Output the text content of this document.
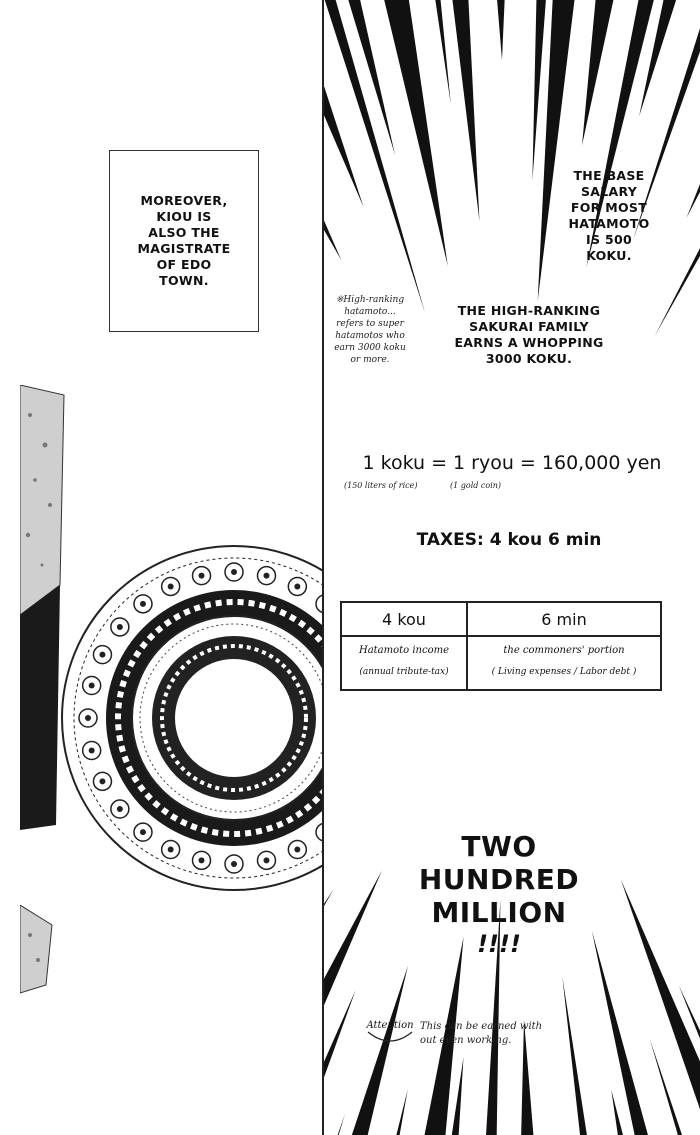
MOREOVER,
KIOU IS
ALSO THE
MAGISTRATE
OF EDO
TOWN.
THE BASE
SALARY
FOR MOST
HATAMOTO
IS 500
KOKU.
※High-ranking
hatamoto...
refers to super
hatamotos who
earn 3000 koku
or more.
THE HIGH-RANKING
SAKURAI FAMILY
EARNS A WHOPPING
3000 KOKU.
1 koku = 1 ryou = 160,000 yen
(150 liters of rice)	(1 gold coin)
TAXES: 4 kou 6 min
4 kou
Hatamoto income
(annual tribute-tax)
6 min
the commoners' portion
( Living expenses / Labor debt )
TWO
HUNDRED
MILLION
!!!!
Attention This can be earned with
out even working.
